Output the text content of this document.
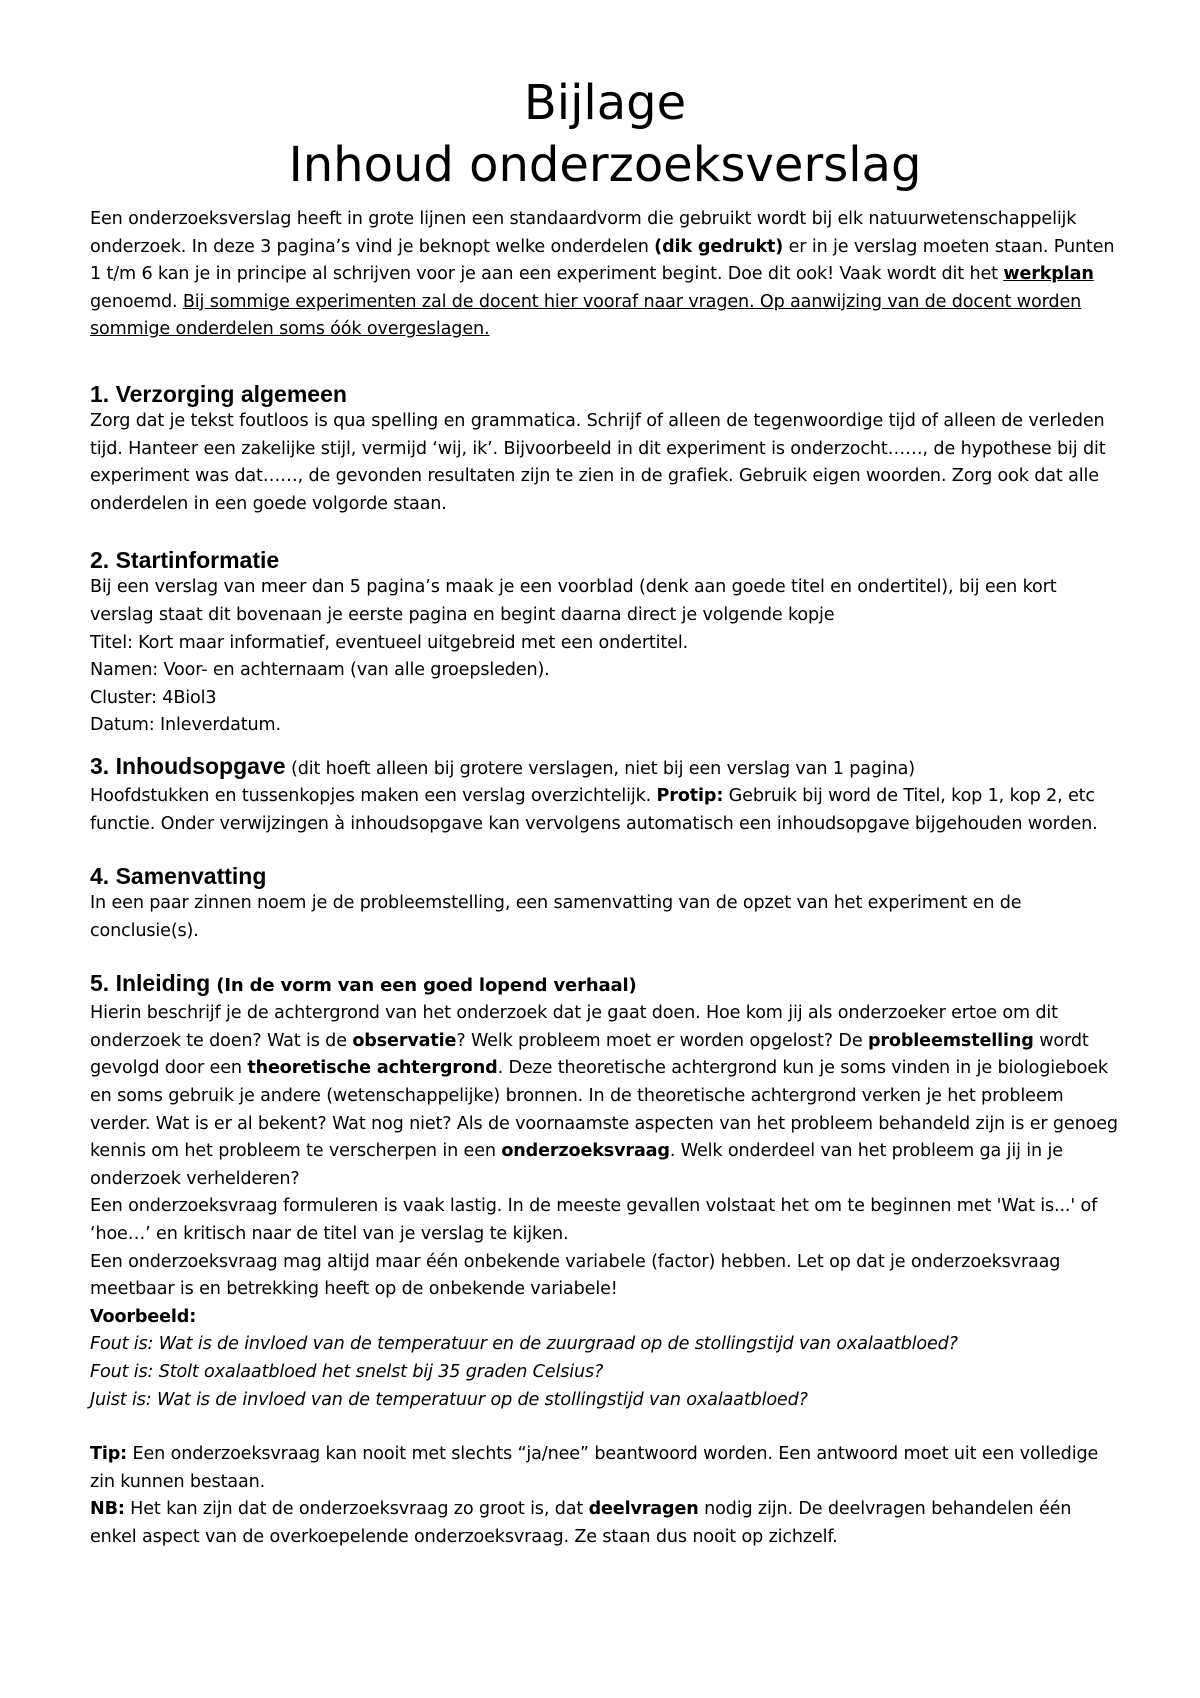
Bijlage
Inhoud onderzoeksverslag

Een onderzoeksverslag heeft in grote lijnen een standaardvorm die gebruikt wordt bij elk natuurwetenschappelijk onderzoek. In deze 3 pagina’s vind je beknopt welke onderdelen (dik gedrukt) er in je verslag moeten staan. Punten 1 t/m 6 kan je in principe al schrijven voor je aan een experiment begint. Doe dit ook! Vaak wordt dit het werkplan genoemd. Bij sommige experimenten zal de docent hier vooraf naar vragen. Op aanwijzing van de docent worden sommige onderdelen soms óók overgeslagen.

1. Verzorging algemeen

Zorg dat je tekst foutloos is qua spelling en grammatica. Schrijf of alleen de tegenwoordige tijd of alleen de verleden tijd. Hanteer een zakelijke stijl, vermijd ‘wij, ik’. Bijvoorbeeld in dit experiment is onderzocht……, de hypothese bij dit experiment was dat……, de gevonden resultaten zijn te zien in de grafiek. Gebruik eigen woorden. Zorg ook dat alle onderdelen in een goede volgorde staan.

2. Startinformatie

Bij een verslag van meer dan 5 pagina’s maak je een voorblad (denk aan goede titel en ondertitel), bij een kort verslag staat dit bovenaan je eerste pagina en begint daarna direct je volgende kopje

Titel: Kort maar informatief, eventueel uitgebreid met een ondertitel.

Namen: Voor- en achternaam (van alle groepsleden).

Cluster: 4Biol3

Datum: Inleverdatum.

3. Inhoudsopgave (dit hoeft alleen bij grotere verslagen, niet bij een verslag van 1 pagina)

Hoofdstukken en tussenkopjes maken een verslag overzichtelijk. Protip: Gebruik bij word de Titel, kop 1, kop 2, etc functie. Onder verwijzingen à inhoudsopgave kan vervolgens automatisch een inhoudsopgave bijgehouden worden.

4. Samenvatting

In een paar zinnen noem je de probleemstelling, een samenvatting van de opzet van het experiment en de conclusie(s).

5. Inleiding (In de vorm van een goed lopend verhaal)

Hierin beschrijf je de achtergrond van het onderzoek dat je gaat doen. Hoe kom jij als onderzoeker ertoe om dit onderzoek te doen? Wat is de observatie? Welk probleem moet er worden opgelost? De probleemstelling wordt gevolgd door een theoretische achtergrond. Deze theoretische achtergrond kun je soms vinden in je biologieboek en soms gebruik je andere (wetenschappelijke) bronnen. In de theoretische achtergrond verken je het probleem verder. Wat is er al bekent? Wat nog niet? Als de voornaamste aspecten van het probleem behandeld zijn is er genoeg kennis om het probleem te verscherpen in een onderzoeksvraag. Welk onderdeel van het probleem ga jij in je onderzoek verhelderen?

Een onderzoeksvraag formuleren is vaak lastig. In de meeste gevallen volstaat het om te beginnen met 'Wat is...' of ‘hoe…’ en kritisch naar de titel van je verslag te kijken.

Een onderzoeksvraag mag altijd maar één onbekende variabele (factor) hebben. Let op dat je onderzoeksvraag meetbaar is en betrekking heeft op de onbekende variabele!

Voorbeeld:

Fout is: Wat is de invloed van de temperatuur en de zuurgraad op de stollingstijd van oxalaatbloed?

Fout is: Stolt oxalaatbloed het snelst bij 35 graden Celsius?

Juist is: Wat is de invloed van de temperatuur op de stollingstijd van oxalaatbloed?

Tip: Een onderzoeksvraag kan nooit met slechts “ja/nee” beantwoord worden. Een antwoord moet uit een volledige zin kunnen bestaan.

NB: Het kan zijn dat de onderzoeksvraag zo groot is, dat deelvragen nodig zijn. De deelvragen behandelen één enkel aspect van de overkoepelende onderzoeksvraag. Ze staan dus nooit op zichzelf.
